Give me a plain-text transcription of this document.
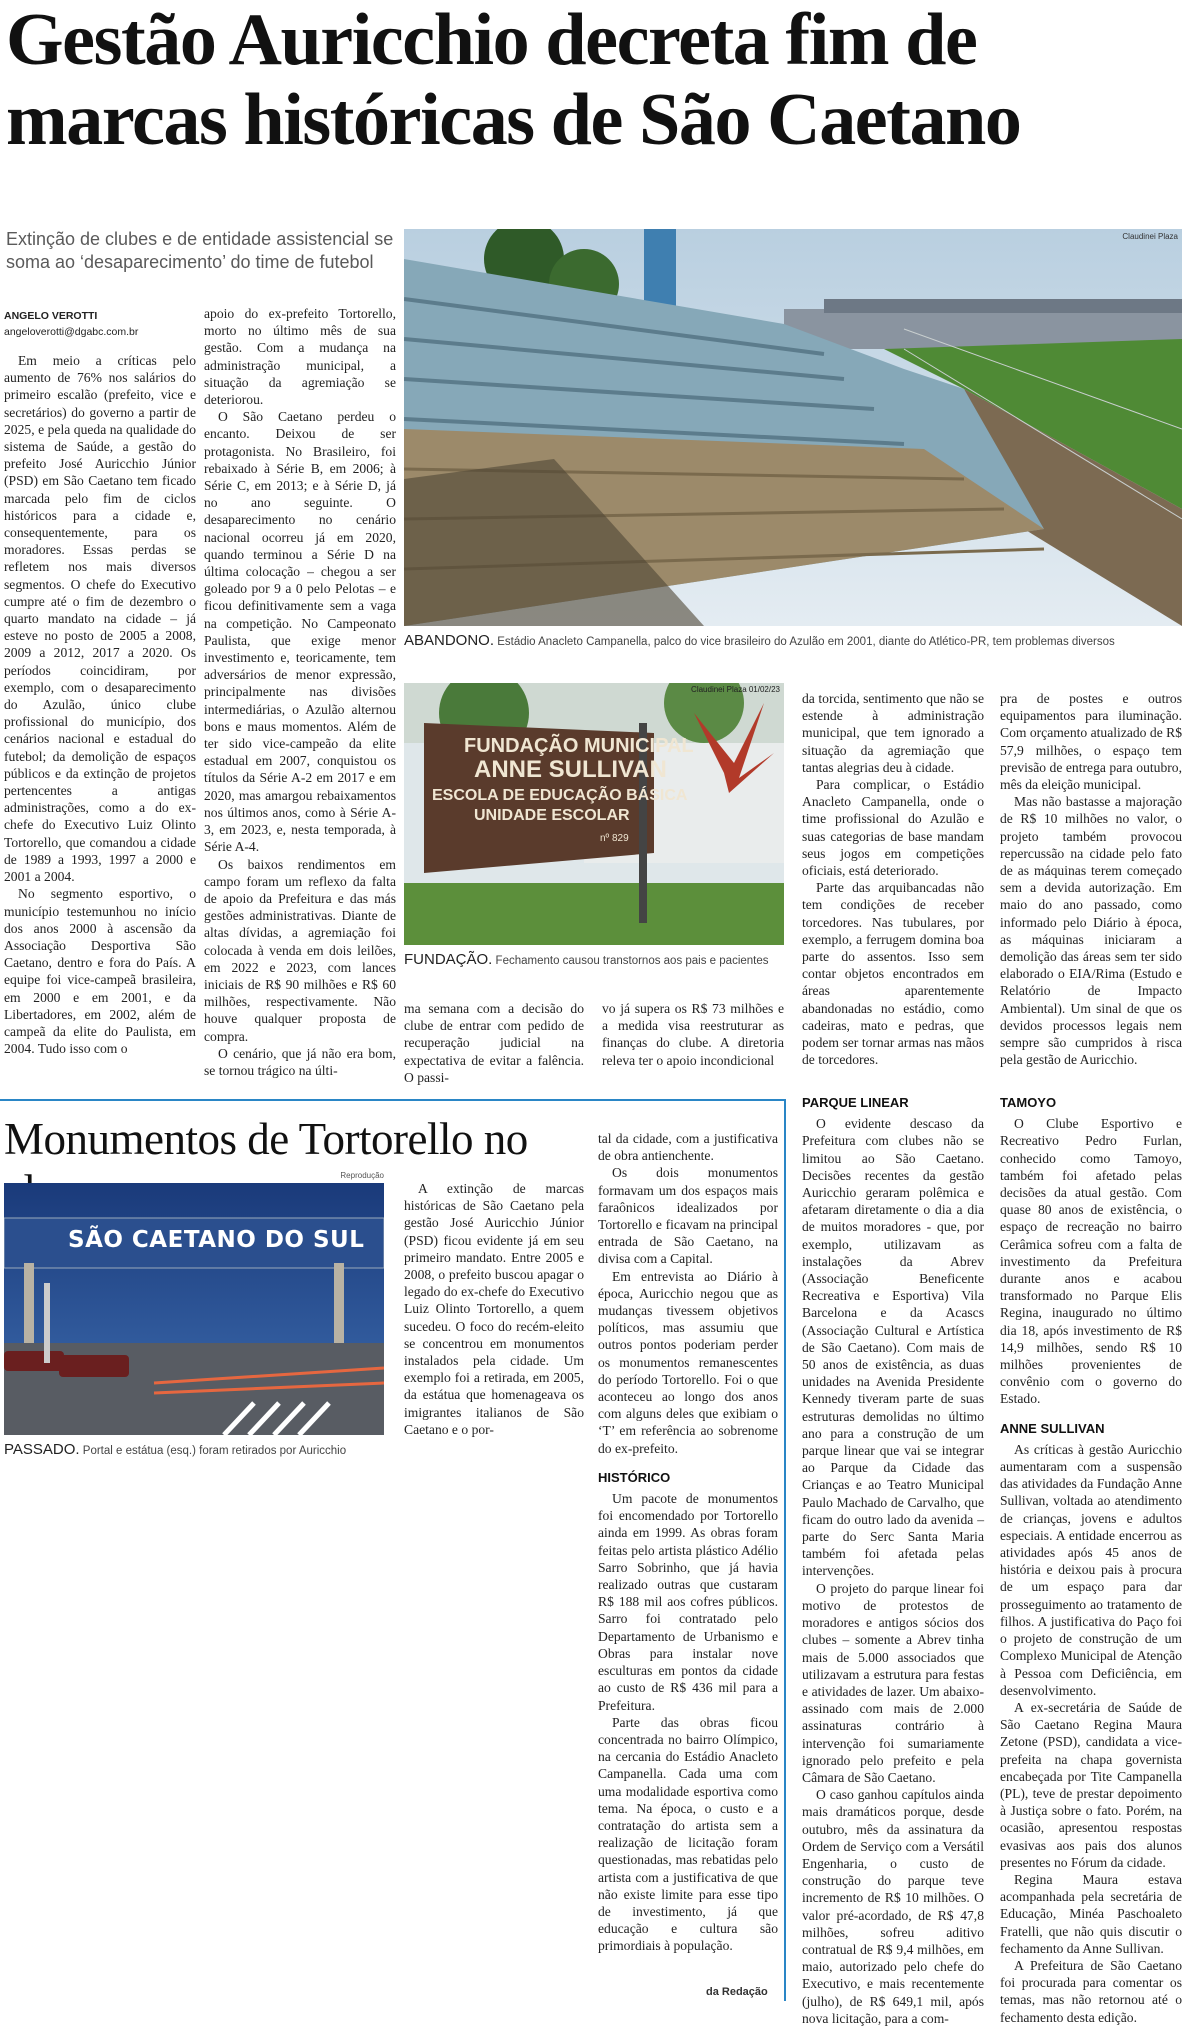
Gestão Auricchio decreta fim de marcas históricas de São Caetano
Extinção de clubes e de entidade assistencial se soma ao ‘desaparecimento’ do time de futebol
ANGELO VEROTTI
angeloverotti@dgabc.com.br
Claudinei Plaza
ABANDONO. Estádio Anacleto Campanella, palco do vice brasileiro do Azulão em 2001, diante do Atlético-PR, tem problemas diversos
FUNDAÇÃO MUNICIPAL
ANNE SULLIVAN
ESCOLA DE EDUCAÇÃO BÁSICA
UNIDADE ESCOLAR
nº 829
Claudinei Plaza 01/02/23
FUNDAÇÃO. Fechamento causou transtornos aos pais e pacientes

Em meio a críticas pelo aumento de 76% nos salários do primeiro escalão (prefeito, vice e secretários) do governo a partir de 2025, e pela queda na qualidade do sistema de Saúde, a gestão do prefeito José Auricchio Júnior (PSD) em São Caetano tem ficado marcada pelo fim de ciclos históricos para a cidade e, consequentemente, para os moradores. Essas perdas se refletem nos mais diversos segmentos. O chefe do Executivo cumpre até o fim de dezembro o quarto mandato na cidade – já esteve no posto de 2005 a 2008, 2009 a 2012, 2017 a 2020. Os períodos coincidiram, por exemplo, com o desaparecimento do Azulão, único clube profissional do município, dos cenários nacional e estadual do futebol; da demolição de espaços públicos e da extinção de projetos pertencentes a antigas administrações, como a do ex-chefe do Executivo Luiz Olinto Tortorello, que comandou a cidade de 1989 a 1993, 1997 a 2000 e 2001 a 2004.

No segmento esportivo, o município testemunhou no início dos anos 2000 à ascensão da Associação Desportiva São Caetano, dentro e fora do País. A equipe foi vice-campeã brasileira, em 2000 e em 2001, e da Libertadores, em 2002, além de campeã da elite do Paulista, em 2004. Tudo isso com o

apoio do ex-prefeito Tortorello, morto no último mês de sua gestão. Com a mudança na administração municipal, a situação da agremiação se deteriorou.

O São Caetano perdeu o encanto. Deixou de ser protagonista. No Brasileiro, foi rebaixado à Série B, em 2006; à Série C, em 2013; e à Série D, já no ano seguinte. O desaparecimento no cenário nacional ocorreu já em 2020, quando terminou a Série D na última colocação – chegou a ser goleado por 9 a 0 pelo Pelotas – e ficou definitivamente sem a vaga na competição. No Campeonato Paulista, que exige menor investimento e, teoricamente, tem adversários de menor expressão, principalmente nas divisões intermediárias, o Azulão alternou bons e maus momentos. Além de ter sido vice-campeão da elite estadual em 2007, conquistou os títulos da Série A-2 em 2017 e em 2020, mas amargou rebaixamentos nos últimos anos, como à Série A-3, em 2023, e, nesta temporada, à Série A-4.

Os baixos rendimentos em campo foram um reflexo da falta de apoio da Prefeitura e das más gestões administrativas. Diante de altas dívidas, a agremiação foi colocada à venda em dois leilões, em 2022 e 2023, com lances iniciais de R$ 90 milhões e R$ 60 milhões, respectivamente. Não houve qualquer proposta de compra.

O cenário, que já não era bom, se tornou trágico na últi-

ma semana com a decisão do clube de entrar com pedido de recuperação judicial na expectativa de evitar a falência. O passi-

vo já supera os R$ 73 milhões e a medida visa reestruturar as finanças do clube. A diretoria releva ter o apoio incondicional

da torcida, sentimento que não se estende à administração municipal, que tem ignorado a situação da agremiação que tantas alegrias deu à cidade.

Para complicar, o Estádio Anacleto Campanella, onde o time profissional do Azulão e suas categorias de base mandam seus jogos em competições oficiais, está deteriorado.

Parte das arquibancadas não tem condições de receber torcedores. Nas tubulares, por exemplo, a ferrugem domina boa parte do assentos. Isso sem contar objetos encontrados em áreas aparentemente abandonadas no estádio, como cadeiras, mato e pedras, que podem ser tornar armas nas mãos de torcedores.

pra de postes e outros equipamentos para iluminação. Com orçamento atualizado de R$ 57,9 milhões, o espaço tem previsão de entrega para outubro, mês da eleição municipal.

Mas não bastasse a majoração de R$ 10 milhões no valor, o projeto também provocou repercussão na cidade pelo fato de as máquinas terem começado sem a devida autorização. Em maio do ano passado, como informado pelo Diário à época, as máquinas iniciaram a demolição das áreas sem ter sido elaborado o EIA/Rima (Estudo e Relatório de Impacto Ambiental). Um sinal de que os devidos processos legais nem sempre são cumpridos à risca pela gestão de Auricchio.

PARQUE LINEAR

O evidente descaso da Prefeitura com clubes não se limitou ao São Caetano. Decisões recentes da gestão Auricchio geraram polêmica e afetaram diretamente o dia a dia de muitos moradores - que, por exemplo, utilizavam as instalações da Abrev (Associação Beneficente Recreativa e Esportiva) Vila Barcelona e da Acascs (Associação Cultural e Artística de São Caetano). Com mais de 50 anos de existência, as duas unidades na Avenida Presidente Kennedy tiveram parte de suas estruturas demolidas no último ano para a construção de um parque linear que vai se integrar ao Parque da Cidade das Crianças e ao Teatro Municipal Paulo Machado de Carvalho, que ficam do outro lado da avenida – parte do Serc Santa Maria também foi afetada pelas intervenções.

O projeto do parque linear foi motivo de protestos de moradores e antigos sócios dos clubes – somente a Abrev tinha mais de 5.000 associados que utilizavam a estrutura para festas e atividades de lazer. Um abaixo-assinado com mais de 2.000 assinaturas contrário à intervenção foi sumariamente ignorado pelo prefeito e pela Câmara de São Caetano.

O caso ganhou capítulos ainda mais dramáticos porque, desde outubro, mês da assinatura da Ordem de Serviço com a Versátil Engenharia, o custo de construção do parque teve incremento de R$ 10 milhões. O valor pré-acordado, de R$ 47,8 milhões, sofreu aditivo contratual de R$ 9,4 milhões, em maio, autorizado pelo chefe do Executivo, e mais recentemente (julho), de R$ 649,1 mil, após nova licitação, para a com-

TAMOYO

O Clube Esportivo e Recreativo Pedro Furlan, conhecido como Tamoyo, também foi afetado pelas decisões da atual gestão. Com quase 80 anos de existência, o espaço de recreação no bairro Cerâmica sofreu com a falta de investimento da Prefeitura durante anos e acabou transformado no Parque Elis Regina, inaugurado no último dia 18, após investimento de R$ 14,9 milhões, sendo R$ 10 milhões provenientes de convênio com o governo do Estado.

ANNE SULLIVAN

As críticas à gestão Auricchio aumentaram com a suspensão das atividades da Fundação Anne Sullivan, voltada ao atendimento de crianças, jovens e adultos especiais. A entidade encerrou as atividades após 45 anos de história e deixou pais à procura de um espaço para dar prosseguimento ao tratamento de filhos. A justificativa do Paço foi o projeto de construção de um Complexo Municipal de Atenção à Pessoa com Deficiência, em desenvolvimento.

A ex-secretária de Saúde de São Caetano Regina Maura Zetone (PSD), candidata a vice-prefeita na chapa governista encabeçada por Tite Campanella (PL), teve de prestar depoimento à Justiça sobre o fato. Porém, na ocasião, apresentou respostas evasivas aos pais dos alunos presentes no Fórum da cidade.

Regina Maura estava acompanhada pela secretária de Educação, Minéa Paschoaleto Fratelli, que não quis discutir o fechamento da Anne Sullivan.

A Prefeitura de São Caetano foi procurada para comentar os temas, mas não retornou até o fechamento desta edição.

Monumentos de Tortorello no
SÃO CAETANO DO SUL
Reprodução
PASSADO. Portal e estátua (esq.) foram retirados por Auricchio

A extinção de marcas históricas de São Caetano pela gestão José Auricchio Júnior (PSD) ficou evidente já em seu primeiro mandato. Entre 2005 e 2008, o prefeito buscou apagar o legado do ex-chefe do Executivo Luiz Olinto Tortorello, a quem sucedeu. O foco do recém-eleito se concentrou em monumentos instalados pela cidade. Um exemplo foi a retirada, em 2005, da estátua que homenageava os imigrantes italianos de São Caetano e o por-

tal da cidade, com a justificativa de obra antienchente.

Os dois monumentos formavam um dos espaços mais faraônicos idealizados por Tortorello e ficavam na principal entrada de São Caetano, na divisa com a Capital.

Em entrevista ao Diário à época, Auricchio negou que as mudanças tivessem objetivos políticos, mas assumiu que outros pontos poderiam perder os monumentos remanescentes do período Tortorello. Foi o que aconteceu ao longo dos anos com alguns deles que exibiam o ‘T’ em referência ao sobrenome do ex-prefeito.

HISTÓRICO

Um pacote de monumentos foi encomendado por Tortorello ainda em 1999. As obras foram feitas pelo artista plástico Adélio Sarro Sobrinho, que já havia realizado outras que custaram R$ 188 mil aos cofres públicos. Sarro foi contratado pelo Departamento de Urbanismo e Obras para instalar nove esculturas em pontos da cidade ao custo de R$ 436 mil para a Prefeitura.

Parte das obras ficou concentrada no bairro Olímpico, na cercania do Estádio Anacleto Campanella. Cada uma com uma modalidade esportiva como tema. Na época, o custo e a contratação do artista sem a realização de licitação foram questionadas, mas rebatidas pelo artista com a justificativa de que não existe limite para esse tipo de investimento, já que educação e cultura são primordiais à população.

da Redação
